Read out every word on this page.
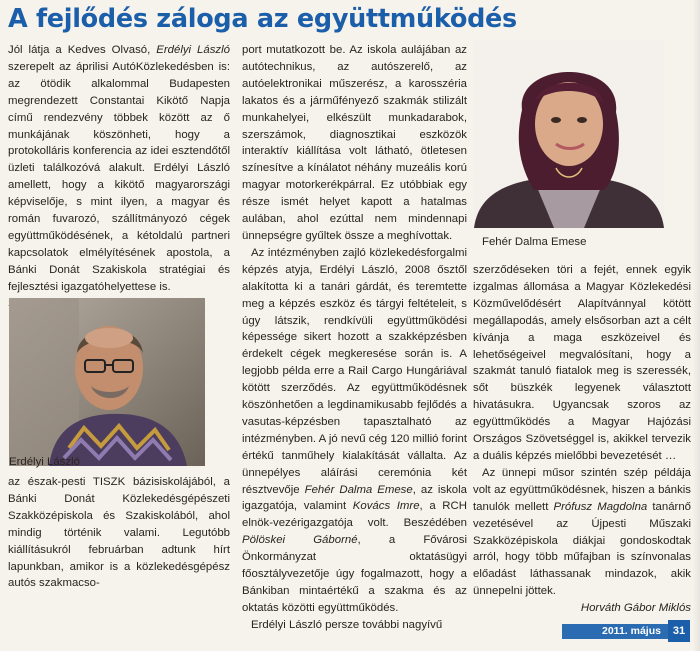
A fejlődés záloga az együttműködés

Jól látja a Kedves Olvasó, Erdélyi László szerepelt az áprilisi AutóKözlekedésben is: az ötödik alkalommal Budapesten megrendezett Constantai Kikötő Napja című rendezvény többek között az ő munkájának köszönheti, hogy a protokolláris konferencia az idei esztendőtől üzleti találkozóvá alakult. Erdélyi László amellett, hogy a kikötő magyarországi képviselője, s mint ilyen, a magyar és román fuvarozó, szállítmányozó cégek együttműködésének, a kétoldalú partneri kapcsolatok elmélyítésének apostola, a Bánki Donát Szakiskola stratégiai és fejlesztési igazgatóhelyettese is.

Erdélyi László

az észak-pesti TISZK bázisiskolájából, a Bánki Donát Közlekedésgépészeti Szakközépiskola és Szakiskolából, ahol mindig történik valami. Legutóbb kiállításukról februárban adtunk hírt lapunkban, amikor is a közlekedésgépész autós szakmacso-

port mutatkozott be. Az iskola aulájában az autótechnikus, az autószerelő, az autóelektronikai műszerész, a karosszéria lakatos és a járműfényező szakmák stilizált munkahelyei, elkészült munkadarabok, szerszámok, diagnosztikai eszközök interaktív kiállítása volt látható, ötletesen színesítve a kínálatot néhány muzeális korú magyar motorkerékpárral. Ez utóbbiak egy része ismét helyet kapott a hatalmas aulában, ahol ezúttal nem mindennapi ünnepségre gyűltek össze a meghívottak.

Az intézményben zajló közlekedésforgalmi képzés atyja, Erdélyi László, 2008 ősztől alakította ki a tanári gárdát, és teremtette meg a képzés eszköz és tárgyi feltételeit, s úgy látszik, rendkívüli együttműködési képessége sikert hozott a szakképzésben érdekelt cégek megkeresése során is. A legjobb példa erre a Rail Cargo Hungáriával kötött szerződés. Az együttműködésnek köszönhetően a legdinamikusabb fejlődés a vasutas-képzésben tapasztalható az intézményben. A jó nevű cég 120 millió forint értékű tanműhely kialakítását vállalta. Az ünnepélyes aláírási ceremónia két résztvevője Fehér Dalma Emese, az iskola igazgatója, valamint Kovács Imre, a RCH elnök-vezérigazgatója volt. Beszédében Pölöskei Gáborné, a Fővárosi Önkormányzat oktatásügyi főosztályvezetője úgy fogalmazott, hogy a Bánkiban mintaértékű a szakma és az oktatás közötti együttműködés.

Erdélyi László persze további nagyívű

Fehér Dalma Emese

szerződéseken töri a fejét, ennek egyik izgalmas állomása a Magyar Közlekedési Közművelődésért Alapítvánnyal kötött megállapodás, amely elsősorban azt a célt kívánja a maga eszközeivel és lehetőségeivel megvalósítani, hogy a szakmát tanuló fiatalok meg is szeressék, sőt büszkék legyenek választott hivatásukra. Ugyancsak szoros az együttműködés a Magyar Hajózási Országos Szövetséggel is, akikkel tervezik a duális képzés mielőbbi bevezetését …

Az ünnepi műsor szintén szép példája volt az együttműködésnek, hiszen a bánkis tanulók mellett Prófusz Magdolna tanárnő vezetésével az Újpesti Műszaki Szakközépiskola diákjai gondoskodtak arról, hogy több műfajban is színvonalas előadást láthassanak mindazok, akik ünnepelni jöttek.

Horváth Gábor Miklós

2011. május	31
